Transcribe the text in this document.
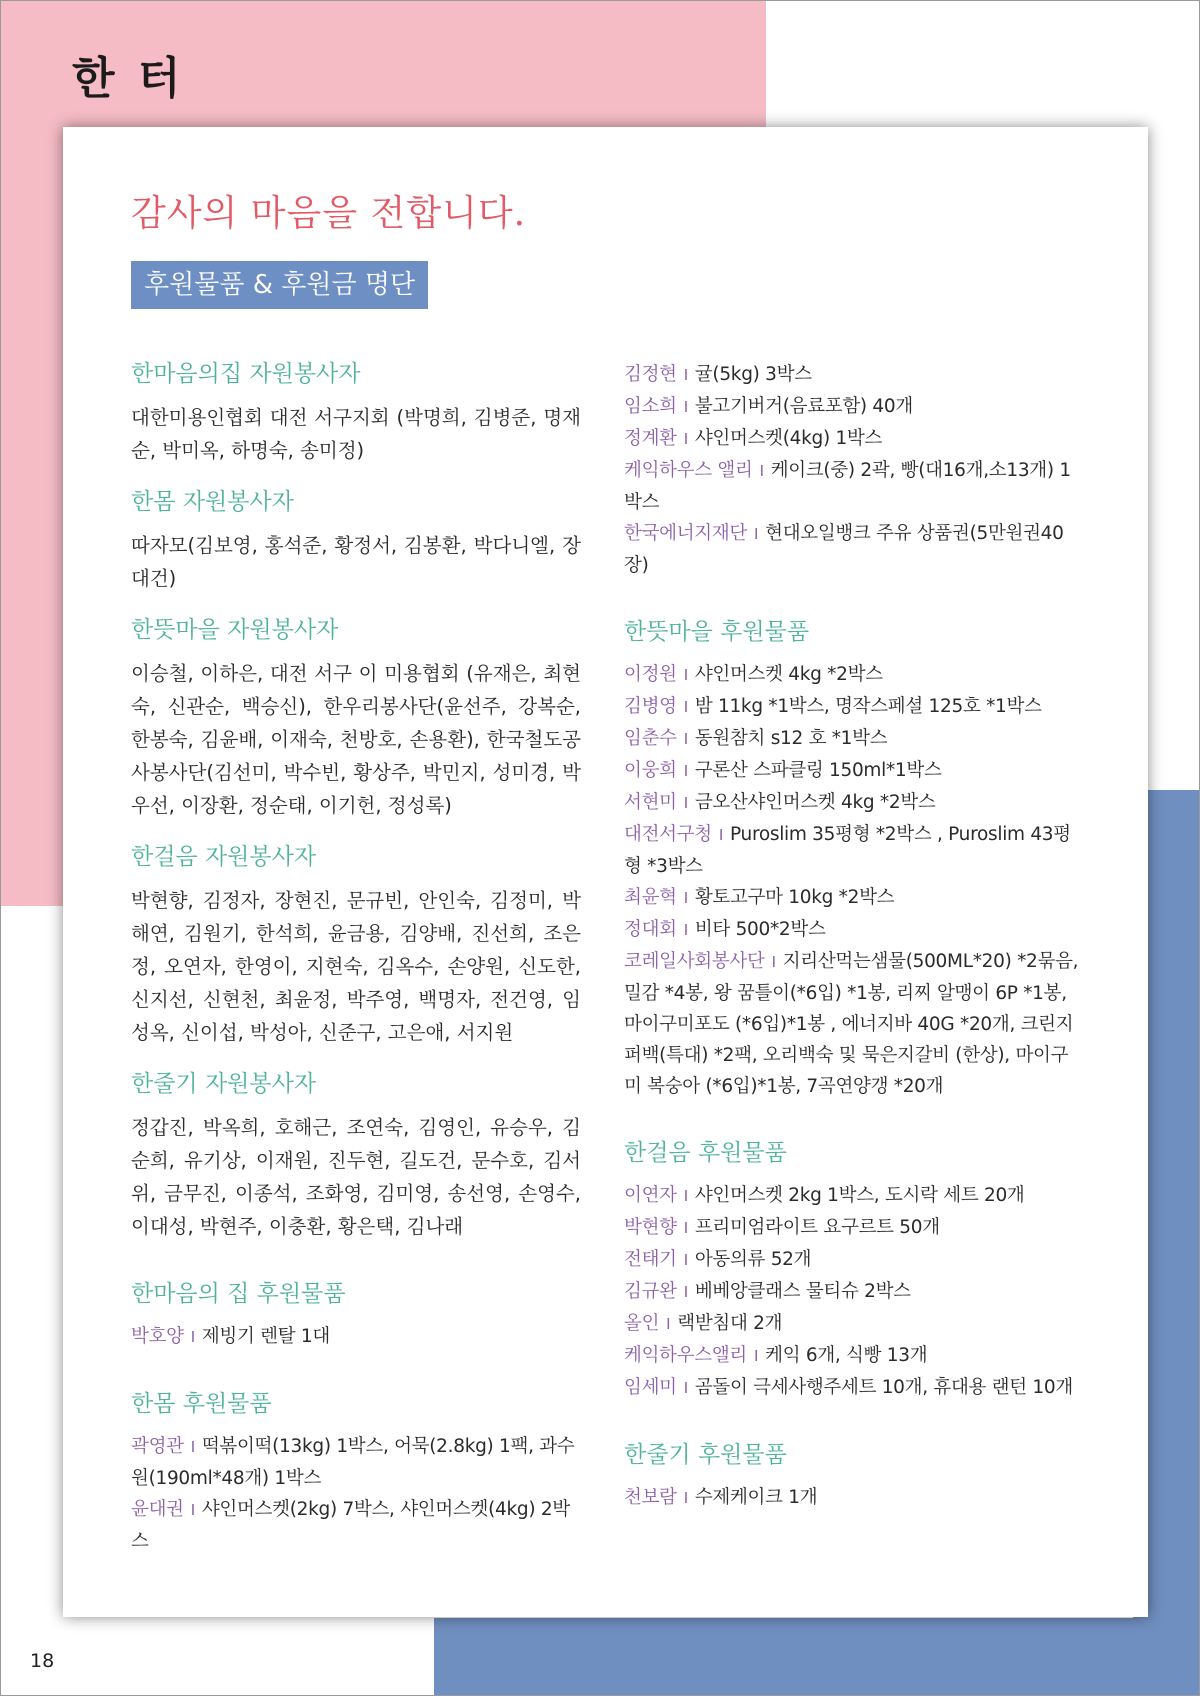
한 터
감사의 마음을 전합니다.
후원물품 & 후원금 명단
한마음의집 자원봉사자

대한미용인협회 대전 서구지회 (박명희, 김병준, 명재순, 박미옥, 하명숙, 송미정)

한몸 자원봉사자

따자모(김보영, 홍석준, 황정서, 김봉환, 박다니엘, 장대건)

한뜻마을 자원봉사자

이승철, 이하은, 대전 서구 이 미용협회 (유재은, 최현숙, 신관순, 백승신), 한우리봉사단(윤선주, 강복순, 한봉숙, 김윤배, 이재숙, 천방호, 손용환), 한국철도공사봉사단(김선미, 박수빈, 황상주, 박민지, 성미경, 박우선, 이장환, 정순태, 이기헌, 정성록)

한걸음 자원봉사자

박현향, 김정자, 장현진, 문규빈, 안인숙, 김정미, 박해연, 김원기, 한석희, 윤금용, 김양배, 진선희, 조은정, 오연자, 한영이, 지현숙, 김옥수, 손양원, 신도한, 신지선, 신현천, 최윤정, 박주영, 백명자, 전건영, 임성옥, 신이섭, 박성아, 신준구, 고은애, 서지원

한줄기 자원봉사자

정갑진, 박옥희, 호해근, 조연숙, 김영인, 유승우, 김순희, 유기상, 이재원, 진두현, 길도건, 문수호, 김서위, 금무진, 이종석, 조화영, 김미영, 송선영, 손영수, 이대성, 박현주, 이충환, 황은택, 김나래

한마음의 집 후원물품

박호양 I 제빙기 렌탈 1대

한몸 후원물품

곽영관 I 떡볶이떡(13kg) 1박스, 어묵(2.8kg) 1팩, 과수원(190ml*48개) 1박스

윤대권 I 샤인머스켓(2kg) 7박스, 샤인머스켓(4kg) 2박스

김정현 I 귤(5kg) 3박스

임소희 I 불고기버거(음료포함) 40개

정계환 I 샤인머스켓(4kg) 1박스

케익하우스 앨리 I 케이크(중) 2곽, 빵(대16개,소13개) 1박스

한국에너지재단 I 현대오일뱅크 주유 상품권(5만원권40장)

한뜻마을 후원물품

이정원 I 샤인머스켓 4kg *2박스

김병영 I 밤 11kg *1박스, 명작스페셜 125호 *1박스

임춘수 I 동원참치 s12 호 *1박스

이웅희 I 구론산 스파클링 150ml*1박스

서현미 I 금오산샤인머스켓 4kg *2박스

대전서구청 I Puroslim 35평형 *2박스 , Puroslim 43평형 *3박스

최윤혁 I 황토고구마 10kg *2박스

정대회 I 비타 500*2박스

코레일사회봉사단 I 지리산먹는샘물(500ML*20) *2묶음, 밀감 *4봉, 왕 꿈틀이(*6입) *1봉, 리찌 알맹이 6P *1봉, 마이구미포도 (*6입)*1봉 , 에너지바 40G *20개, 크린지퍼백(특대) *2팩, 오리백숙 및 묵은지갈비 (한상), 마이구미 복숭아 (*6입)*1봉, 7곡연양갱 *20개

한걸음 후원물품

이연자 I 샤인머스켓 2kg 1박스, 도시락 세트 20개

박현향 I 프리미엄라이트 요구르트 50개

전태기 I 아동의류 52개

김규완 I 베베앙클래스 물티슈 2박스

올인 I 랙받침대 2개

케익하우스앨리 I 케익 6개, 식빵 13개

임세미 I 곰돌이 극세사행주세트 10개, 휴대용 랜턴 10개

한줄기 후원물품

천보람 I 수제케이크 1개

18
